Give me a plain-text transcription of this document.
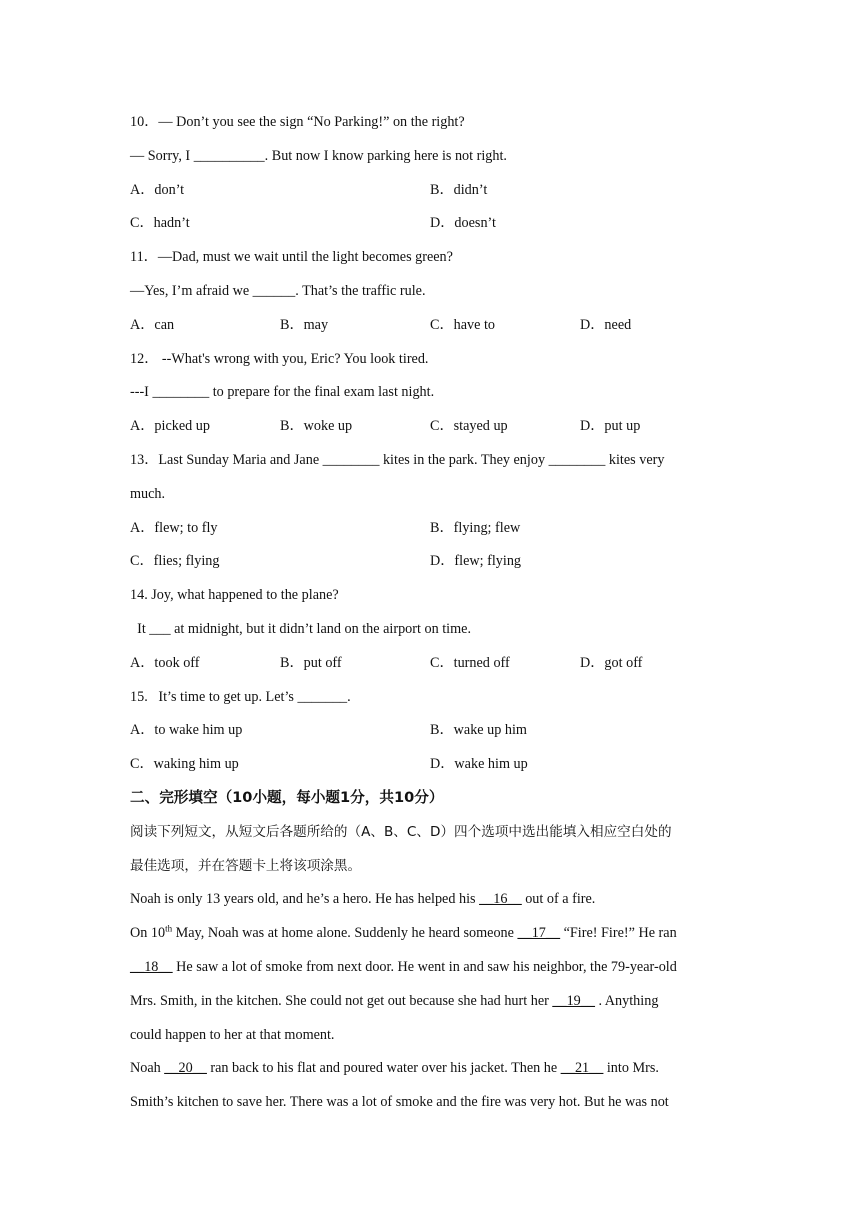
10．— Don’t you see the sign “No Parking!” on the right?
— Sorry, I __________. But now I know parking here is not right.
A．don’t	B．didn’t
C．hadn’t	D．doesn’t
11．—Dad, must we wait until the light becomes green?
—Yes, I’m afraid we ______. That’s the traffic rule.
A．can	B．may	C．have to	D．need
12． --What's wrong with you, Eric? You look tired.
---I ________ to prepare for the final exam last night.
A．picked up	B．woke up	C．stayed up	D．put up
13．Last Sunday Maria and Jane ________ kites in the park. They enjoy ________ kites very
much.
A．flew; to fly	B．flying; flew
C．flies; flying	D．flew; flying
14. Joy, what happened to the plane?
It ___ at midnight, but it didn’t land on the airport on time.
A．took off	B．put off	C．turned off	D．got off
15.   It’s time to get up. Let’s _______.
A．to wake him up	B．wake up him
C．waking him up	D．wake him up
二、完形填空（10小题，每小题1分，共10分）
阅读下列短文，从短文后各题所给的（A、B、C、D）四个选项中选出能填入相应空白处的
最佳选项，并在答题卡上将该项涂黑。
Noah is only 13 years old, and he’s a hero. He has helped his __16__ out of a fire.
On 10th May, Noah was at home alone. Suddenly he heard someone __17__ “Fire! Fire!” He ran
__18__ He saw a lot of smoke from next door. He went in and saw his neighbor, the 79-year-old
Mrs. Smith, in the kitchen. She could not get out because she had hurt her __19__ . Anything
could happen to her at that moment.
Noah __20__ ran back to his flat and poured water over his jacket. Then he __21__ into Mrs.
Smith’s kitchen to save her. There was a lot of smoke and the fire was very hot. But he was not
